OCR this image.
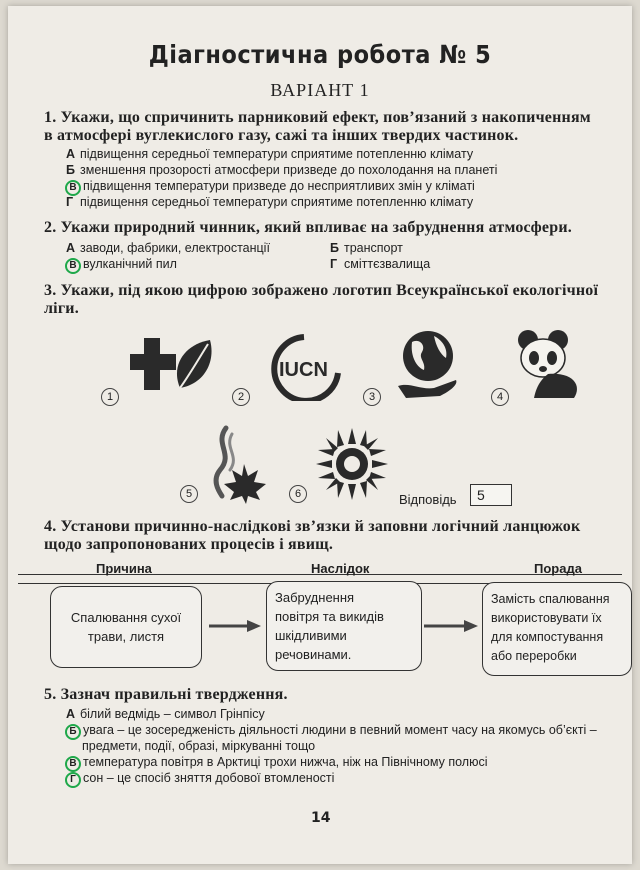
Діагностична робота № 5
ВАРІАНТ 1
1. Укажи, що спричинить парниковий ефект, пов’язаний з накопиченням
в атмосфері вуглекислого газу, сажі та інших твердих частинок.
А підвищення середньої температури сприятиме потепленню клімату
Б зменшення прозорості атмосфери призведе до похолодання на планеті
В підвищення температури призведе до несприятливих змін у кліматі
Г підвищення середньої температури сприятиме потепленню клімату
2. Укажи природний чинник, який впливає на забруднення атмосфери.
А заводи, фабрики, електростанції	Б транспорт
В вулканічний пил	Г сміттєзвалища
3. Укажи, під якою цифрою зображено логотип Всеукраїнської екологічної
ліги.
1
IUCN
2	3	4
5	6	Відповідь	5
4. Установи причинно-наслідкові зв’язки й заповни логічний ланцюжок
щодо запропонованих процесів і явищ.
Причина	Наслідок	Порада
Спалювання сухої
трави, листя
Забруднення
повітря та викидів
шкідливими
речовинами.
Замість спалювання
використовувати їх
для компостування
або переробки
5. Зазнач правильні твердження.
А білий ведмідь – символ Грінпісу
Б увага – це зосередженість діяльності людини в певний момент часу на якомусь об’єкті –
предмети, події, образі, міркуванні тощо
В температура повітря в Арктиці трохи нижча, ніж на Північному полюсі
Г сон – це спосіб зняття добової втомленості
14
